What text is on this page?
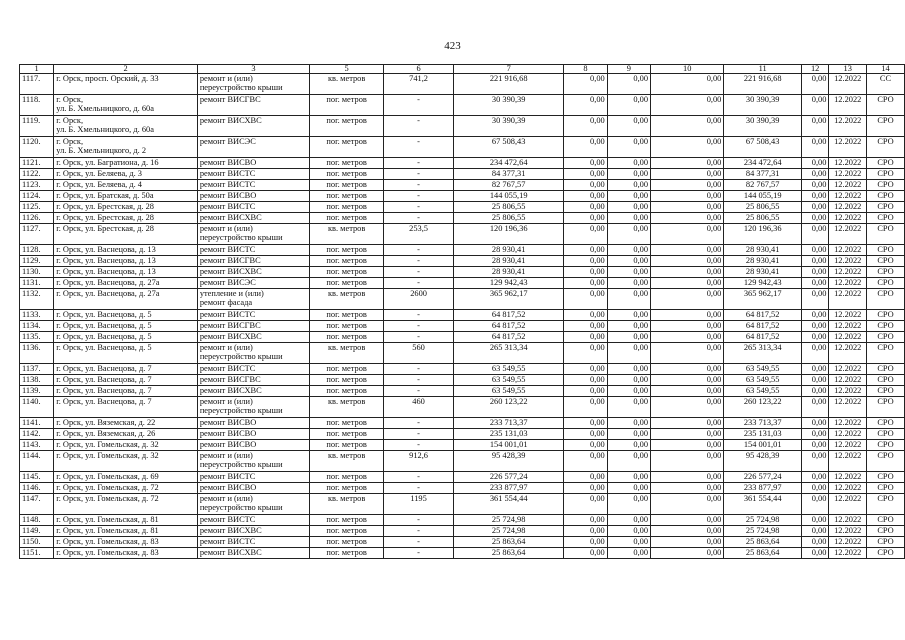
423
1	2	3	5	6	7	8	9	10	11	12	13	14
1117.	г. Орск, просп. Орский, д. 33	ремонт и (или)
переустройство крыши	кв. метров	741,2	221 916,68	0,00	0,00	0,00	221 916,68	0,00	12.2022	СС
1118.	г. Орск,
ул. Б. Хмельницкого, д. 60а	ремонт ВИСГВС	пог. метров	-	30 390,39	0,00	0,00	0,00	30 390,39	0,00	12.2022	СРО
1119.	г. Орск,
ул. Б. Хмельницкого, д. 60а	ремонт ВИСХВС	пог. метров	-	30 390,39	0,00	0,00	0,00	30 390,39	0,00	12.2022	СРО
1120.	г. Орск,
ул. Б. Хмельницкого, д. 2	ремонт ВИСЭС	пог. метров	-	67 508,43	0,00	0,00	0,00	67 508,43	0,00	12.2022	СРО
1121.	г. Орск, ул. Багратиона, д. 16	ремонт ВИСВО	пог. метров	-	234 472,64	0,00	0,00	0,00	234 472,64	0,00	12.2022	СРО
1122.	г. Орск, ул. Беляева, д. 3	ремонт ВИСТС	пог. метров	-	84 377,31	0,00	0,00	0,00	84 377,31	0,00	12.2022	СРО
1123.	г. Орск, ул. Беляева, д. 4	ремонт ВИСТС	пог. метров	-	82 767,57	0,00	0,00	0,00	82 767,57	0,00	12.2022	СРО
1124.	г. Орск, ул. Братская, д. 50а	ремонт ВИСВО	пог. метров	-	144 055,19	0,00	0,00	0,00	144 055,19	0,00	12.2022	СРО
1125.	г. Орск, ул. Брестская, д. 28	ремонт ВИСТС	пог. метров	-	25 806,55	0,00	0,00	0,00	25 806,55	0,00	12.2022	СРО
1126.	г. Орск, ул. Брестская, д. 28	ремонт ВИСХВС	пог. метров	-	25 806,55	0,00	0,00	0,00	25 806,55	0,00	12.2022	СРО
1127.	г. Орск, ул. Брестская, д. 28	ремонт и (или)
переустройство крыши	кв. метров	253,5	120 196,36	0,00	0,00	0,00	120 196,36	0,00	12.2022	СРО
1128.	г. Орск, ул. Васнецова, д. 13	ремонт ВИСТС	пог. метров	-	28 930,41	0,00	0,00	0,00	28 930,41	0,00	12.2022	СРО
1129.	г. Орск, ул. Васнецова, д. 13	ремонт ВИСГВС	пог. метров	-	28 930,41	0,00	0,00	0,00	28 930,41	0,00	12.2022	СРО
1130.	г. Орск, ул. Васнецова, д. 13	ремонт ВИСХВС	пог. метров	-	28 930,41	0,00	0,00	0,00	28 930,41	0,00	12.2022	СРО
1131.	г. Орск, ул. Васнецова, д. 27а	ремонт ВИСЭС	пог. метров	-	129 942,43	0,00	0,00	0,00	129 942,43	0,00	12.2022	СРО
1132.	г. Орск, ул. Васнецова, д. 27а	утепление и (или)
ремонт фасада	кв. метров	2600	365 962,17	0,00	0,00	0,00	365 962,17	0,00	12.2022	СРО
1133.	г. Орск, ул. Васнецова, д. 5	ремонт ВИСТС	пог. метров	-	64 817,52	0,00	0,00	0,00	64 817,52	0,00	12.2022	СРО
1134.	г. Орск, ул. Васнецова, д. 5	ремонт ВИСГВС	пог. метров	-	64 817,52	0,00	0,00	0,00	64 817,52	0,00	12.2022	СРО
1135.	г. Орск, ул. Васнецова, д. 5	ремонт ВИСХВС	пог. метров	-	64 817,52	0,00	0,00	0,00	64 817,52	0,00	12.2022	СРО
1136.	г. Орск, ул. Васнецова, д. 5	ремонт и (или)
переустройство крыши	кв. метров	560	265 313,34	0,00	0,00	0,00	265 313,34	0,00	12.2022	СРО
1137.	г. Орск, ул. Васнецова, д. 7	ремонт ВИСТС	пог. метров	-	63 549,55	0,00	0,00	0,00	63 549,55	0,00	12.2022	СРО
1138.	г. Орск, ул. Васнецова, д. 7	ремонт ВИСГВС	пог. метров	-	63 549,55	0,00	0,00	0,00	63 549,55	0,00	12.2022	СРО
1139.	г. Орск, ул. Васнецова, д. 7	ремонт ВИСХВС	пог. метров	-	63 549,55	0,00	0,00	0,00	63 549,55	0,00	12.2022	СРО
1140.	г. Орск, ул. Васнецова, д. 7	ремонт и (или)
переустройство крыши	кв. метров	460	260 123,22	0,00	0,00	0,00	260 123,22	0,00	12.2022	СРО
1141.	г. Орск, ул. Вяземская, д. 22	ремонт ВИСВО	пог. метров	-	233 713,37	0,00	0,00	0,00	233 713,37	0,00	12.2022	СРО
1142.	г. Орск, ул. Вяземская, д. 26	ремонт ВИСВО	пог. метров	-	235 131,03	0,00	0,00	0,00	235 131,03	0,00	12.2022	СРО
1143.	г. Орск, ул. Гомельская, д. 32	ремонт ВИСВО	пог. метров	-	154 001,01	0,00	0,00	0,00	154 001,01	0,00	12.2022	СРО
1144.	г. Орск, ул. Гомельская, д. 32	ремонт и (или)
переустройство крыши	кв. метров	912,6	95 428,39	0,00	0,00	0,00	95 428,39	0,00	12.2022	СРО
1145.	г. Орск, ул. Гомельская, д. 69	ремонт ВИСТС	пог. метров	-	226 577,24	0,00	0,00	0,00	226 577,24	0,00	12.2022	СРО
1146.	г. Орск, ул. Гомельская, д. 72	ремонт ВИСВО	пог. метров	-	233 877,97	0,00	0,00	0,00	233 877,97	0,00	12.2022	СРО
1147.	г. Орск, ул. Гомельская, д. 72	ремонт и (или)
переустройство крыши	кв. метров	1195	361 554,44	0,00	0,00	0,00	361 554,44	0,00	12.2022	СРО
1148.	г. Орск, ул. Гомельская, д. 81	ремонт ВИСТС	пог. метров	-	25 724,98	0,00	0,00	0,00	25 724,98	0,00	12.2022	СРО
1149.	г. Орск, ул. Гомельская, д. 81	ремонт ВИСХВС	пог. метров	-	25 724,98	0,00	0,00	0,00	25 724,98	0,00	12.2022	СРО
1150.	г. Орск, ул. Гомельская, д. 83	ремонт ВИСТС	пог. метров	-	25 863,64	0,00	0,00	0,00	25 863,64	0,00	12.2022	СРО
1151.	г. Орск, ул. Гомельская, д. 83	ремонт ВИСХВС	пог. метров	-	25 863,64	0,00	0,00	0,00	25 863,64	0,00	12.2022	СРО
